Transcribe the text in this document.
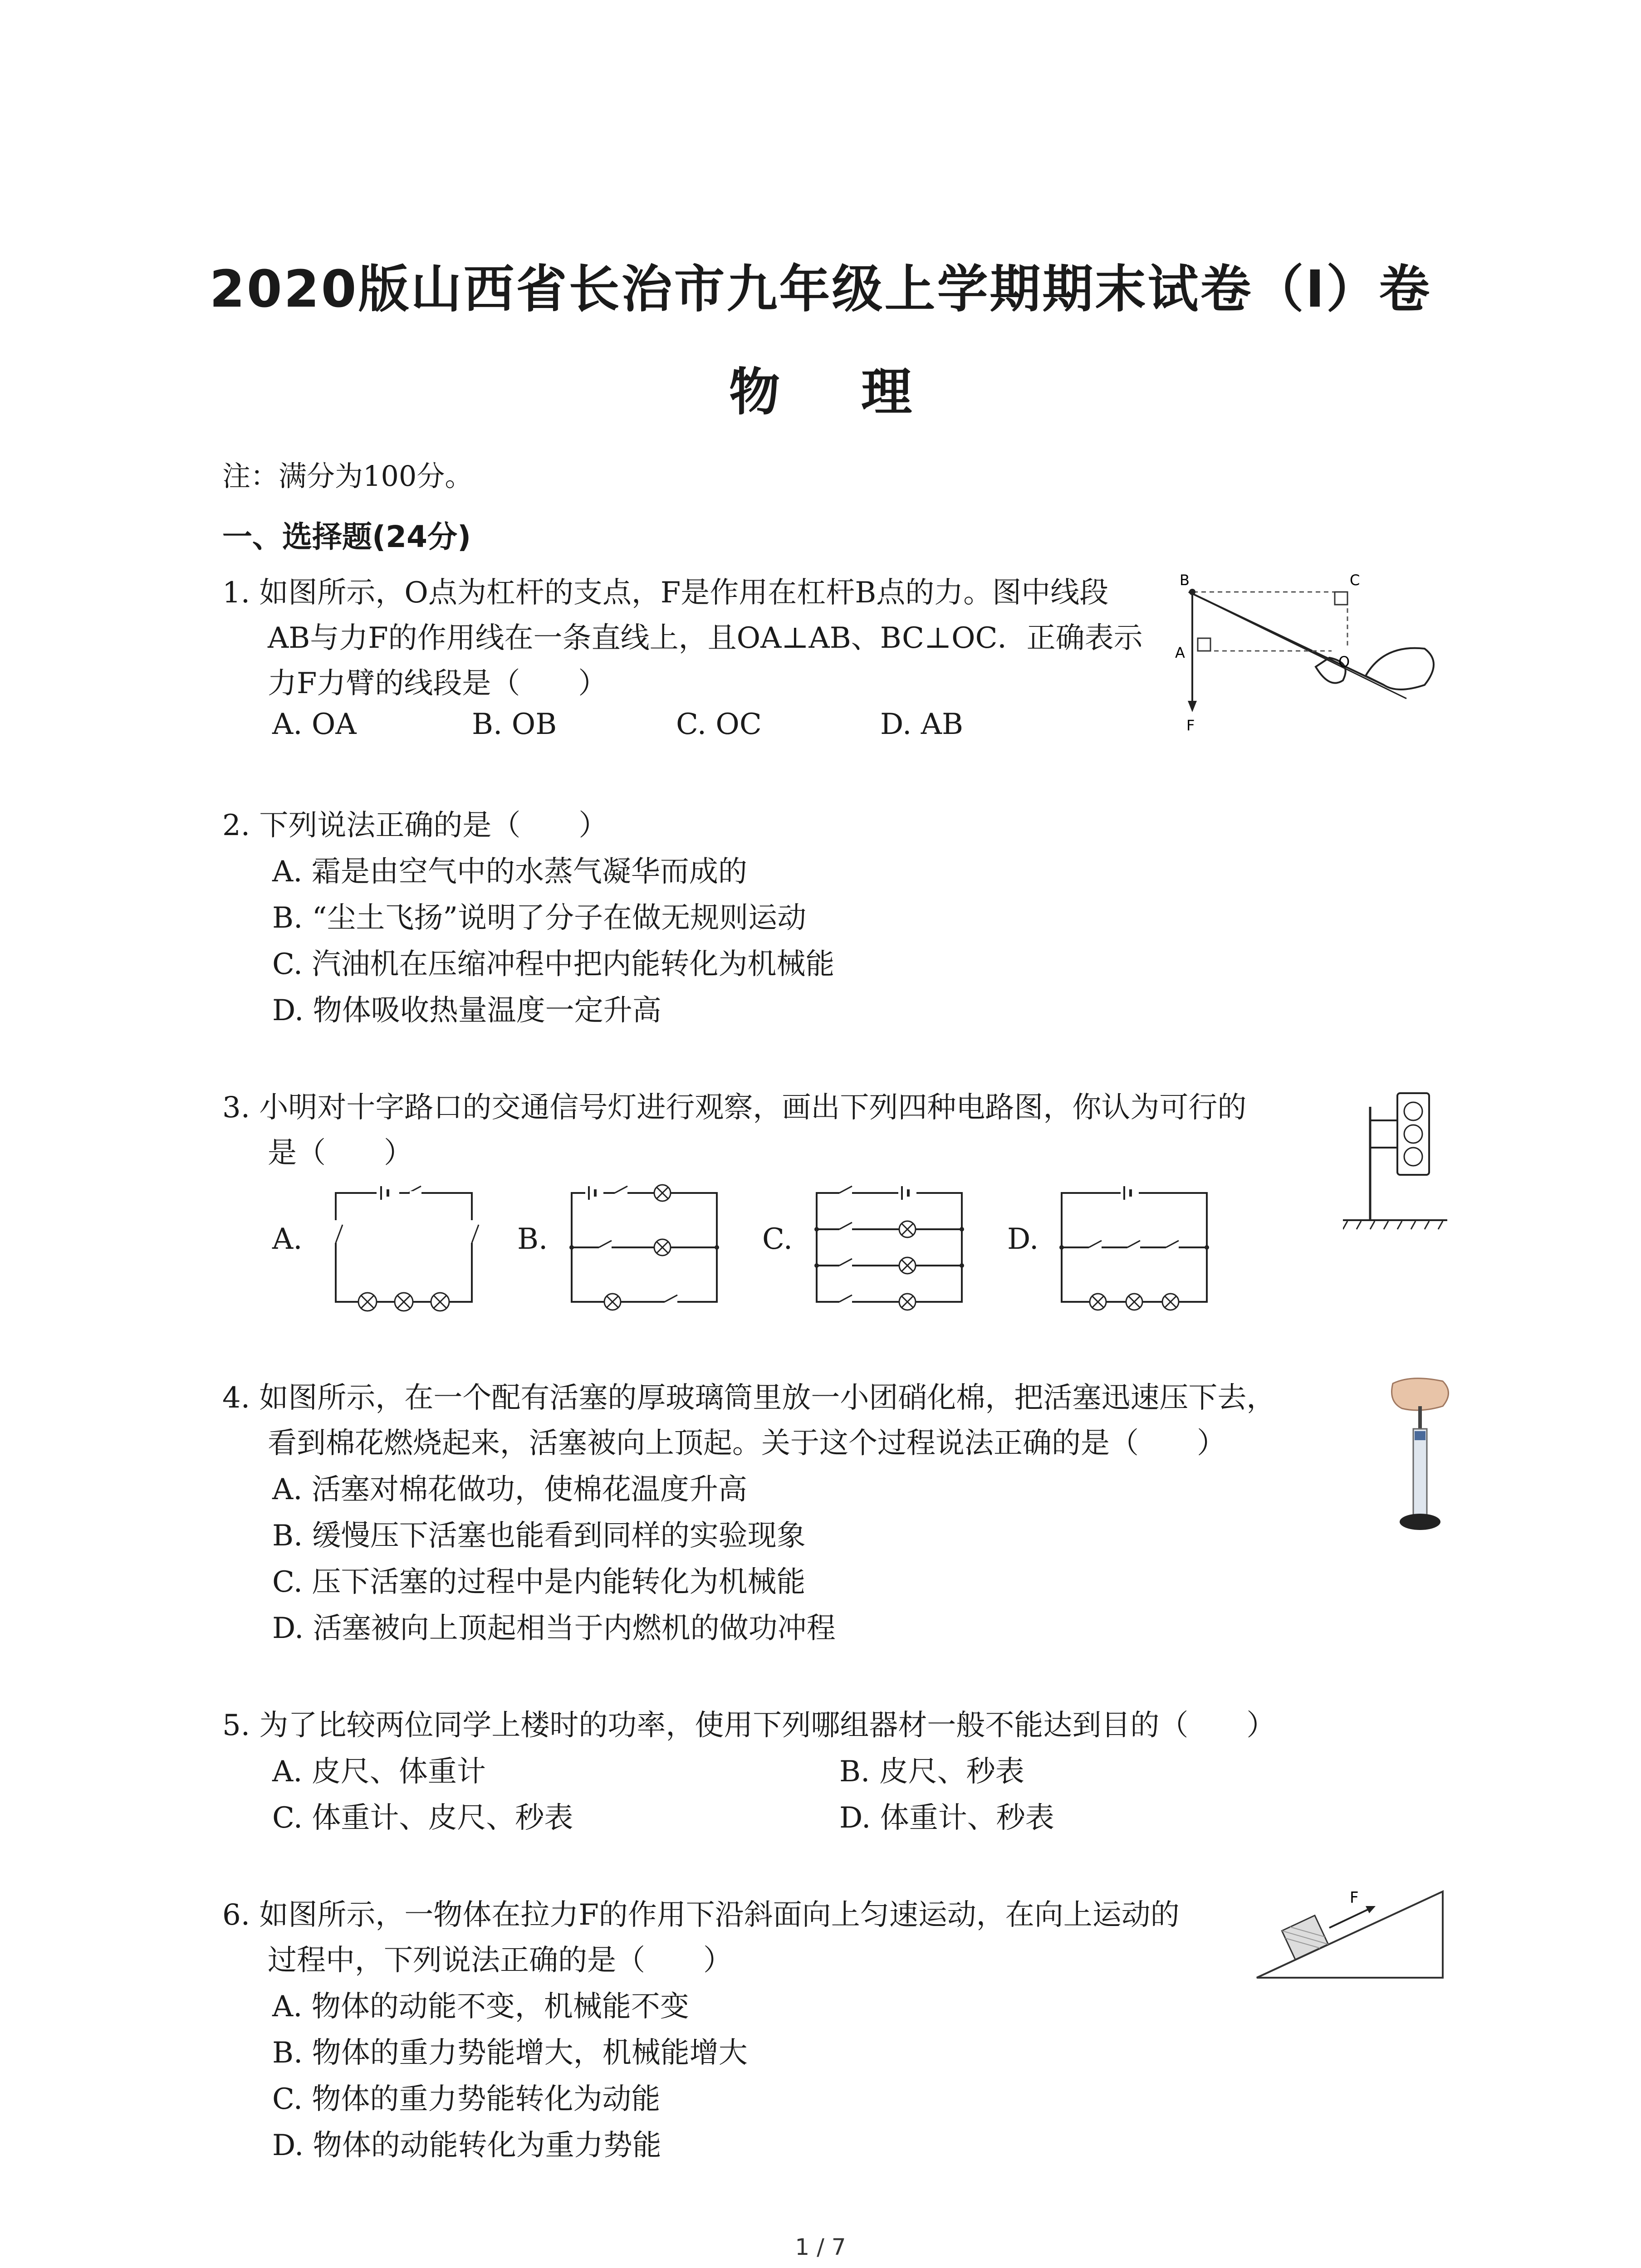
2020版山西省长治市九年级上学期期末试卷（I）卷
物 理
注：满分为100分。
一、选择题(24分)
1. 如图所示，O点为杠杆的支点，F是作用在杠杆B点的力。图中线段
AB与力F的作用线在一条直线上，且OA⊥AB、BC⊥OC．正确表示
力F力臂的线段是（　　）
A. OA	B. OB	C. OC	D. AB
B	C
O
A
F
2. 下列说法正确的是（　　）
A. 霜是由空气中的水蒸气凝华而成的
B. “尘土飞扬”说明了分子在做无规则运动
C. 汽油机在压缩冲程中把内能转化为机械能
D. 物体吸收热量温度一定升高
3. 小明对十字路口的交通信号灯进行观察，画出下列四种电路图，你认为可行的
是（　　）
A.	B.	C.	D.
4. 如图所示，在一个配有活塞的厚玻璃筒里放一小团硝化棉，把活塞迅速压下去，
看到棉花燃烧起来，活塞被向上顶起。关于这个过程说法正确的是（　　）
A. 活塞对棉花做功，使棉花温度升高
B. 缓慢压下活塞也能看到同样的实验现象
C. 压下活塞的过程中是内能转化为机械能
D. 活塞被向上顶起相当于内燃机的做功冲程
5. 为了比较两位同学上楼时的功率，使用下列哪组器材一般不能达到目的（　　）
A. 皮尺、体重计	B. 皮尺、秒表
C. 体重计、皮尺、秒表	D. 体重计、秒表
6. 如图所示，一物体在拉力F的作用下沿斜面向上匀速运动，在向上运动的
过程中，下列说法正确的是（　　）
A. 物体的动能不变，机械能不变
B. 物体的重力势能增大，机械能增大
C. 物体的重力势能转化为动能
D. 物体的动能转化为重力势能
F
1 / 7
